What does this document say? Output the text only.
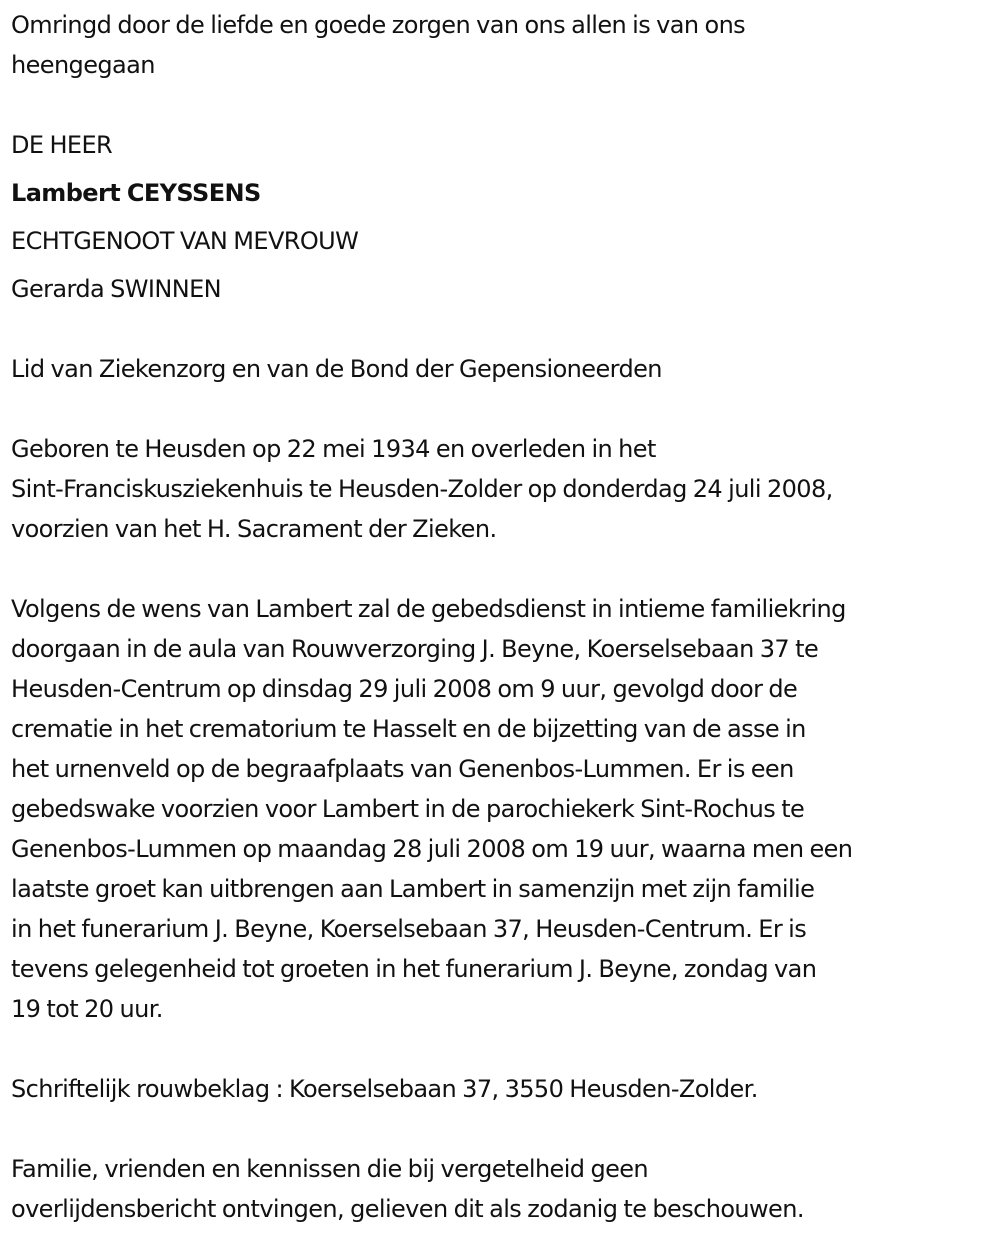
Omringd door de liefde en goede zorgen van ons allen is van ons
heengegaan

DE HEER
Lambert CEYSSENS
ECHTGENOOT VAN MEVROUW
Gerarda SWINNEN

Lid van Ziekenzorg en van de Bond der Gepensioneerden

Geboren te Heusden op 22 mei 1934 en overleden in het
Sint-Franciskusziekenhuis te Heusden-Zolder op donderdag 24 juli 2008,
voorzien van het H. Sacrament der Zieken.

Volgens de wens van Lambert zal de gebedsdienst in intieme familiekring
doorgaan in de aula van Rouwverzorging J. Beyne, Koerselsebaan 37 te
Heusden-Centrum op dinsdag 29 juli 2008 om 9 uur, gevolgd door de
crematie in het crematorium te Hasselt en de bijzetting van de asse in
het urnenveld op de begraafplaats van Genenbos-Lummen. Er is een
gebedswake voorzien voor Lambert in de parochiekerk Sint-Rochus te
Genenbos-Lummen op maandag 28 juli 2008 om 19 uur, waarna men een
laatste groet kan uitbrengen aan Lambert in samenzijn met zijn familie
in het funerarium J. Beyne, Koerselsebaan 37, Heusden-Centrum. Er is
tevens gelegenheid tot groeten in het funerarium J. Beyne, zondag van
19 tot 20 uur.

Schriftelijk rouwbeklag : Koerselsebaan 37, 3550 Heusden-Zolder.

Familie, vrienden en kennissen die bij vergetelheid geen
overlijdensbericht ontvingen, gelieven dit als zodanig te beschouwen.
